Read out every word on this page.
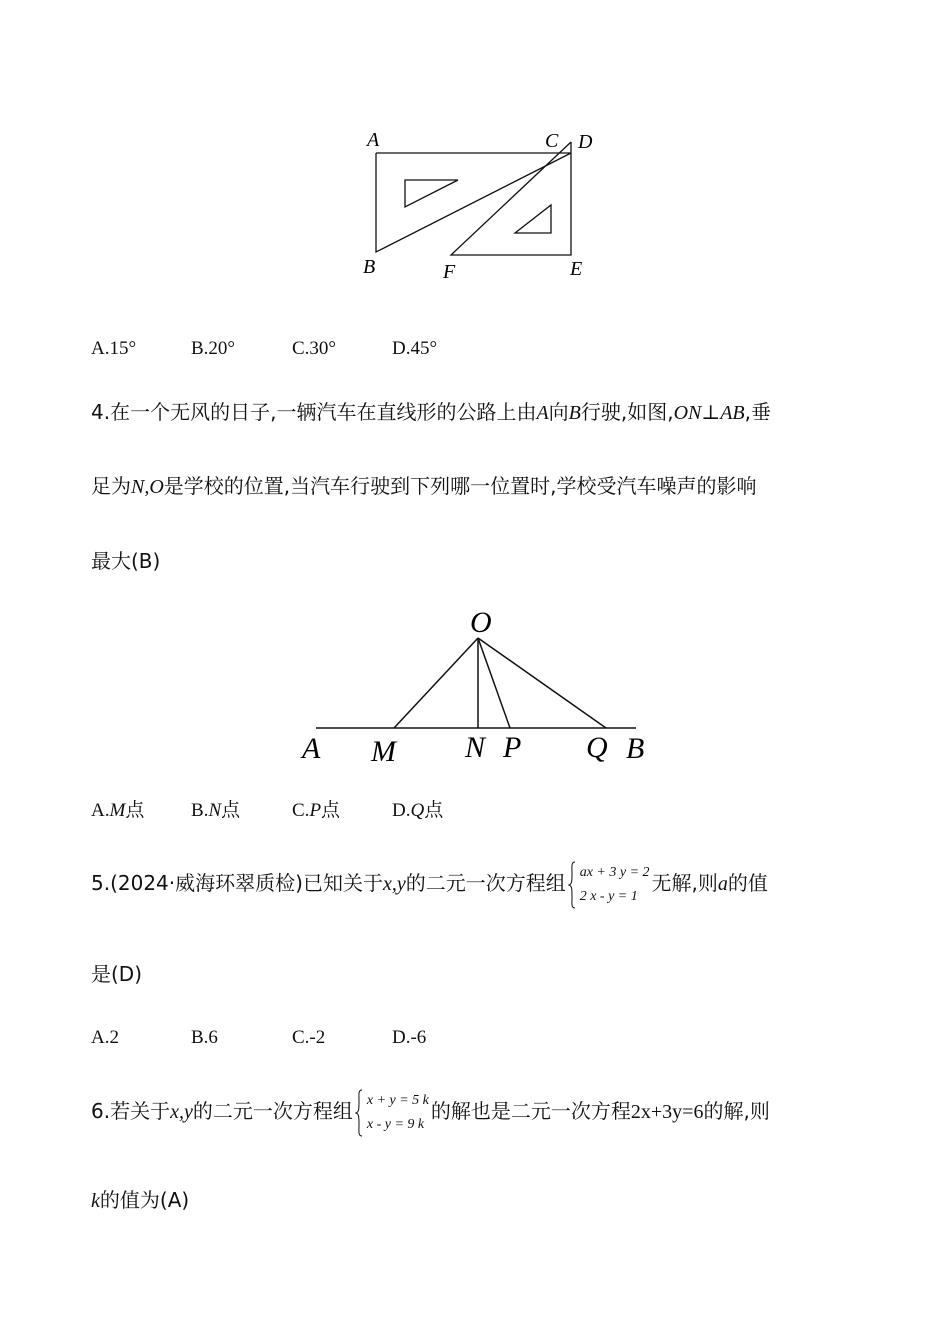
A	C D
B	F	E
A.15°	B.20°	C.30°	D.45°
4.在一个无风的日子,一辆汽车在直线形的公路上由A向B行驶,如图,ON⊥AB,垂
足为N,O是学校的位置,当汽车行驶到下列哪一位置时,学校受汽车噪声的影响
最大(B)
O
A M N P Q B
A.M点 B.N点	C.P点	D.Q点
5.(2024·威海环翠质检)已知关于x,y的二元一次方程组 ax + 3 y = 2
2 x - y = 1
无解,则a的值
是(D)
A.2	B.6	C.-2	D.-6
6.若关于x,y的二元一次方程组 x + y = 5 k
x - y = 9 k
的解也是二元一次方程2x+3y=6的解,则
k的值为(A)
